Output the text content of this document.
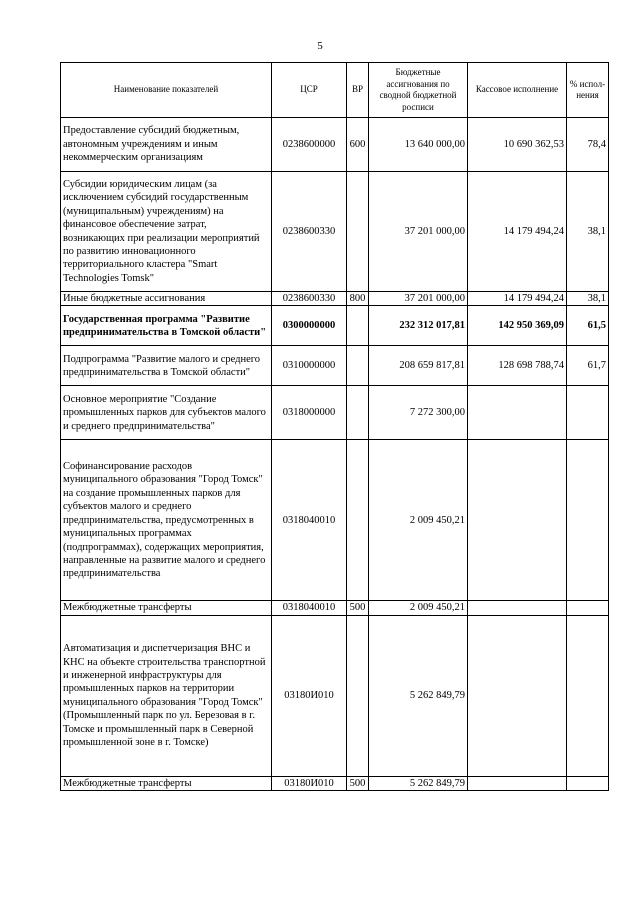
5
Наименование показателей	ЦСР	ВР	Бюджетные ассигнования по сводной бюджетной росписи	Кассовое исполнение	% испол-нения
Предоставление субсидий бюджетным, автономным учреждениям и иным некоммерческим организациям	0238600000	600	13 640 000,00	10 690 362,53	78,4
Субсидии юридическим лицам (за исключением субсидий государственным (муниципальным) учреждениям) на финансовое обеспечение затрат, возникающих при реализации мероприятий по развитию инновационного территориального кластера "Smart Technologies Tomsk"	0238600330		37 201 000,00	14 179 494,24	38,1
Иные бюджетные ассигнования	0238600330	800	37 201 000,00	14 179 494,24	38,1
Государственная программа "Развитие предпринимательства в Томской области"	0300000000		232 312 017,81	142 950 369,09	61,5
Подпрограмма "Развитие малого и среднего предпринимательства в Томской области"	0310000000		208 659 817,81	128 698 788,74	61,7
Основное мероприятие "Создание промышленных парков для субъектов малого и среднего предпринимательства"	0318000000		7 272 300,00		
Софинансирование расходов муниципального образования "Город Томск" на создание промышленных парков для субъектов малого и среднего предпринимательства, предусмотренных в муниципальных программах (подпрограммах), содержащих мероприятия, направленные на развитие малого и среднего предпринимательства	0318040010		2 009 450,21		
Межбюджетные трансферты	0318040010	500	2 009 450,21		
Автоматизация и диспетчеризация ВНС и КНС на объекте строительства транспортной и инженерной инфраструктуры для промышленных парков на территории муниципального образования "Город Томск" (Промышленный парк по ул. Березовая в г. Томске и промышленный парк в Северной промышленной зоне в г. Томске)	03180И010		5 262 849,79		
Межбюджетные трансферты	03180И010	500	5 262 849,79		
